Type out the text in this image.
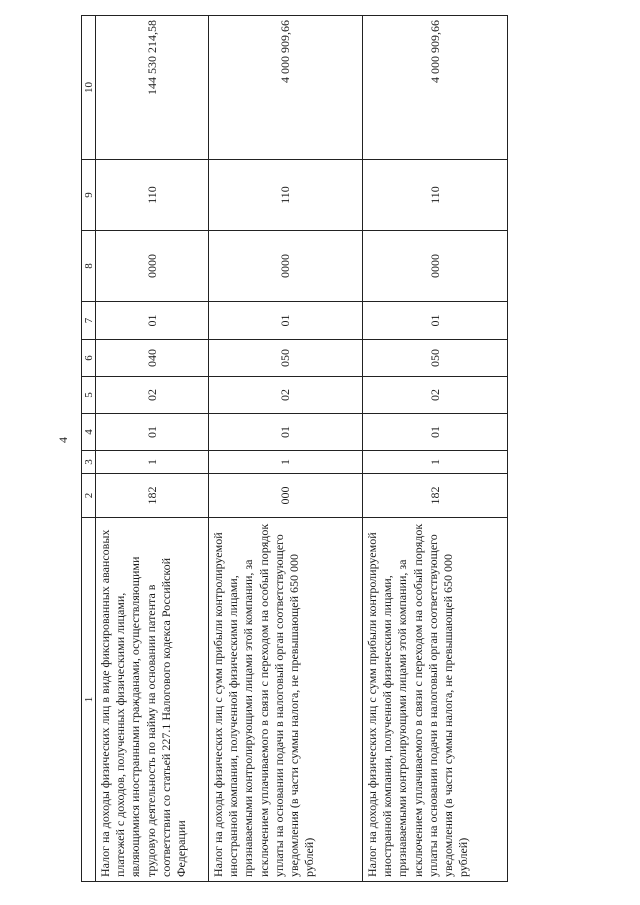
4
1	2	3	4	5	6	7	8	9	10
Налог на доходы физических лиц в виде фиксированных авансовых платежей с доходов, полученных физическими лицами, являющимися иностранными гражданами, осуществляющими трудовую деятельность по найму на основании патента в соответствии со статьей 227.1 Налогового кодекса Российской Федерации	182	1	01	02	040	01	0000	110	144 530 214,58
Налог на доходы физических лиц с сумм прибыли контролируемой иностранной компании, полученной физическими лицами, признаваемыми контролирующими лицами этой компании, за исключением уплачиваемого в связи с переходом на особый порядок уплаты на основании подачи в налоговый орган соответствующего уведомления (в части суммы налога, не превышающей 650 000 рублей)	000	1	01	02	050	01	0000	110	4 000 909,66
Налог на доходы физических лиц с сумм прибыли контролируемой иностранной компании, полученной физическими лицами, признаваемыми контролирующими лицами этой компании, за исключением уплачиваемого в связи с переходом на особый порядок уплаты на основании подачи в налоговый орган соответствующего уведомления (в части суммы налога, не превышающей 650 000 рублей)	182	1	01	02	050	01	0000	110	4 000 909,66
